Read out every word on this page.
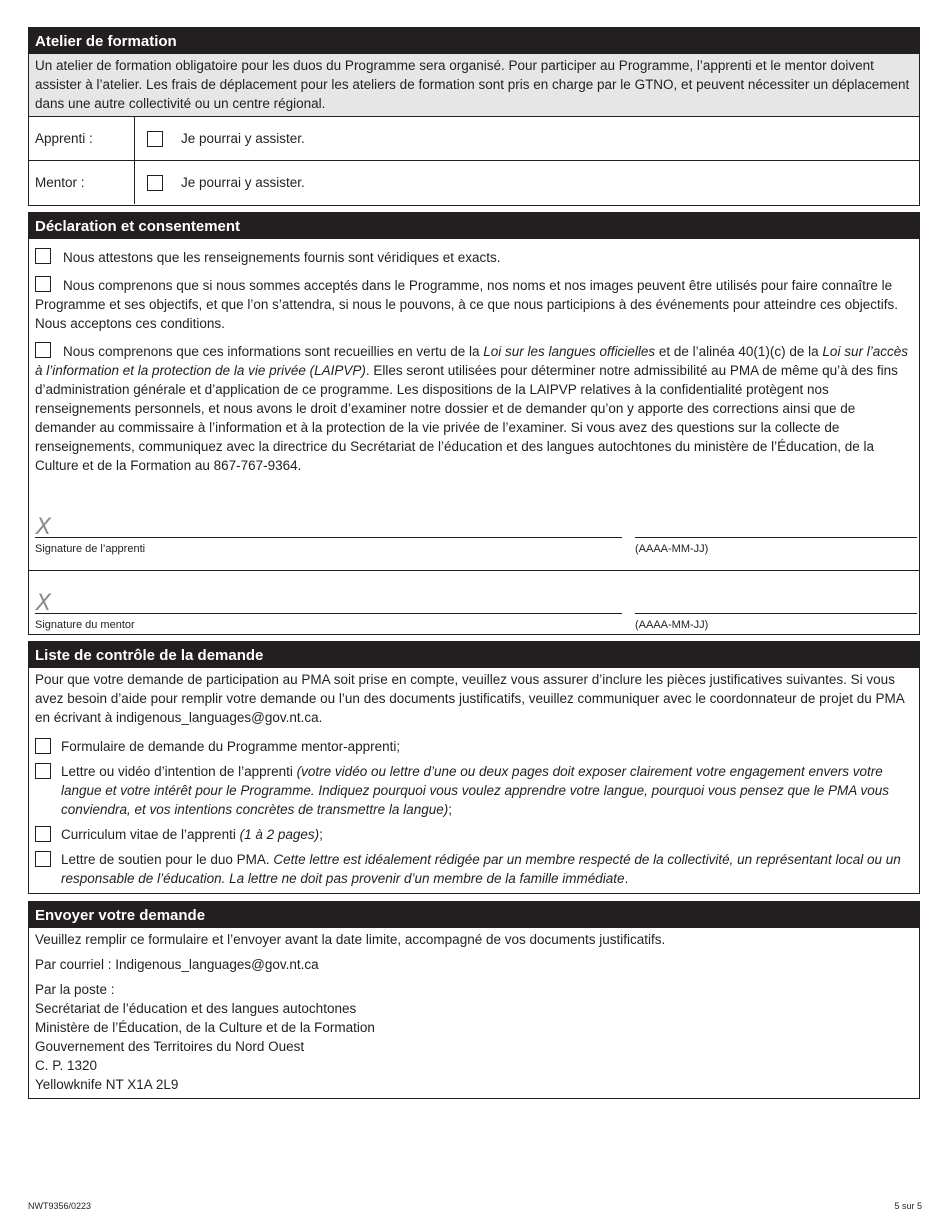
Atelier de formation
Un atelier de formation obligatoire pour les duos du Programme sera organisé. Pour participer au Programme, l’apprenti et le mentor doivent assister à l’atelier. Les frais de déplacement pour les ateliers de formation sont pris en charge par le GTNO, et peuvent nécessiter un déplacement dans une autre collectivité ou un centre régional.
Apprenti :	Je pourrai y assister.
Mentor :	Je pourrai y assister.
Déclaration et consentement
Nous attestons que les renseignements fournis sont véridiques et exacts.
Nous comprenons que si nous sommes acceptés dans le Programme, nos noms et nos images peuvent être utilisés pour faire connaître le Programme et ses objectifs, et que l’on s’attendra, si nous le pouvons, à ce que nous participions à des événements pour atteindre ces objectifs. Nous acceptons ces conditions.
Nous comprenons que ces informations sont recueillies en vertu de la Loi sur les langues officielles et de l’alinéa 40(1)(c) de la Loi sur l’accès à l’information et la protection de la vie privée (LAIPVP). Elles seront utilisées pour déterminer notre admissibilité au PMA de même qu’à des fins d’administration générale et d’application de ce programme. Les dispositions de la LAIPVP relatives à la confidentialité protègent nos renseignements personnels, et nous avons le droit d’examiner notre dossier et de demander qu’on y apporte des corrections ainsi que de demander au commissaire à l’information et à la protection de la vie privée de l’examiner. Si vous avez des questions sur la collecte de renseignements, communiquez avec la directrice du Secrétariat de l’éducation et des langues autochtones du ministère de l’Éducation, de la Culture et de la Formation au 867-767-9364.
X
Signature de l’apprenti	(AAAA-MM-JJ)
X
Signature du mentor	(AAAA-MM-JJ)
Liste de contrôle de la demande
Pour que votre demande de participation au PMA soit prise en compte, veuillez vous assurer d’inclure les pièces justificatives suivantes. Si vous avez besoin d’aide pour remplir votre demande ou l’un des documents justificatifs, veuillez communiquer avec le coordonnateur de projet du PMA en écrivant à indigenous_languages@gov.nt.ca.
Formulaire de demande du Programme mentor-apprenti;
Lettre ou vidéo d’intention de l’apprenti (votre vidéo ou lettre d’une ou deux pages doit exposer clairement votre engagement envers votre langue et votre intérêt pour le Programme. Indiquez pourquoi vous voulez apprendre votre langue, pourquoi vous pensez que le PMA vous conviendra, et vos intentions concrètes de transmettre la langue);
Curriculum vitae de l’apprenti (1 à 2 pages);
Lettre de soutien pour le duo PMA. Cette lettre est idéalement rédigée par un membre respecté de la collectivité, un représentant local ou un responsable de l’éducation. La lettre ne doit pas provenir d’un membre de la famille immédiate.
Envoyer votre demande
Veuillez remplir ce formulaire et l’envoyer avant la date limite, accompagné de vos documents justificatifs.
Par courriel : Indigenous_languages@gov.nt.ca
Par la poste :
Secrétariat de l’éducation et des langues autochtones
Ministère de l’Éducation, de la Culture et de la Formation
Gouvernement des Territoires du Nord Ouest
C. P. 1320
Yellowknife NT X1A 2L9
NWT9356/0223	5 sur 5
